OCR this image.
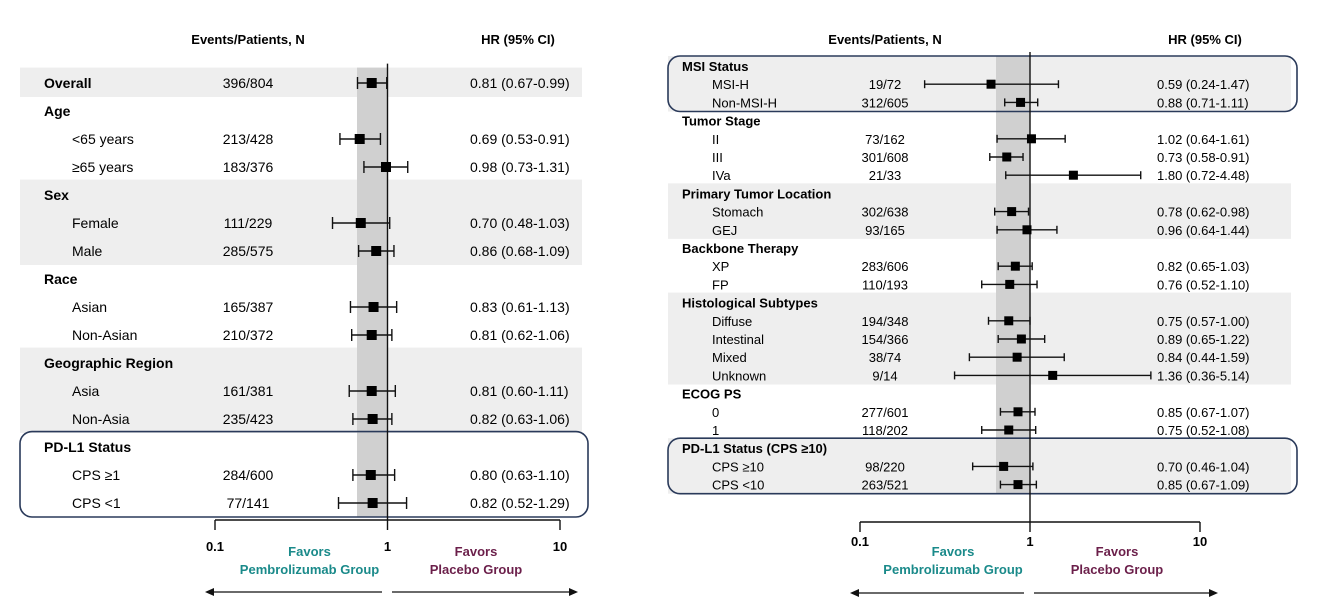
Events/Patients, N	HR (95% CI)
Overall	396/804	0.81 (0.67-0.99)
Age
<65 years	213/428	0.69 (0.53-0.91)
≥65 years	183/376	0.98 (0.73-1.31)
Sex
Female	111/229	0.70 (0.48-1.03)
Male	285/575	0.86 (0.68-1.09)
Race
Asian	165/387	0.83 (0.61-1.13)
Non-Asian	210/372	0.81 (0.62-1.06)
Geographic Region
Asia	161/381	0.81 (0.60-1.11)
Non-Asia	235/423	0.82 (0.63-1.06)
PD-L1 Status
CPS ≥1	284/600	0.80 (0.63-1.10)
CPS <1	77/141	0.82 (0.52-1.29)
0.1	1	10
Favors
Pembrolizumab Group
Favors
Placebo Group
Events/Patients, N	HR (95% CI)
MSI Status
MSI-H	19/72	0.59 (0.24-1.47)
Non-MSI-H	312/605	0.88 (0.71-1.11)
Tumor Stage
II	73/162	1.02 (0.64-1.61)
III	301/608	0.73 (0.58-0.91)
IVa	21/33	1.80 (0.72-4.48)
Primary Tumor Location
Stomach	302/638	0.78 (0.62-0.98)
GEJ	93/165	0.96 (0.64-1.44)
Backbone Therapy
XP	283/606	0.82 (0.65-1.03)
FP	110/193	0.76 (0.52-1.10)
Histological Subtypes
Diffuse	194/348	0.75 (0.57-1.00)
Intestinal	154/366	0.89 (0.65-1.22)
Mixed	38/74	0.84 (0.44-1.59)
Unknown	9/14	1.36 (0.36-5.14)
ECOG PS
0	277/601	0.85 (0.67-1.07)
1	118/202	0.75 (0.52-1.08)
PD-L1 Status (CPS ≥10)
CPS ≥10	98/220	0.70 (0.46-1.04)
CPS <10	263/521	0.85 (0.67-1.09)
0.1	1	10
Favors
Pembrolizumab Group
Favors
Placebo Group
